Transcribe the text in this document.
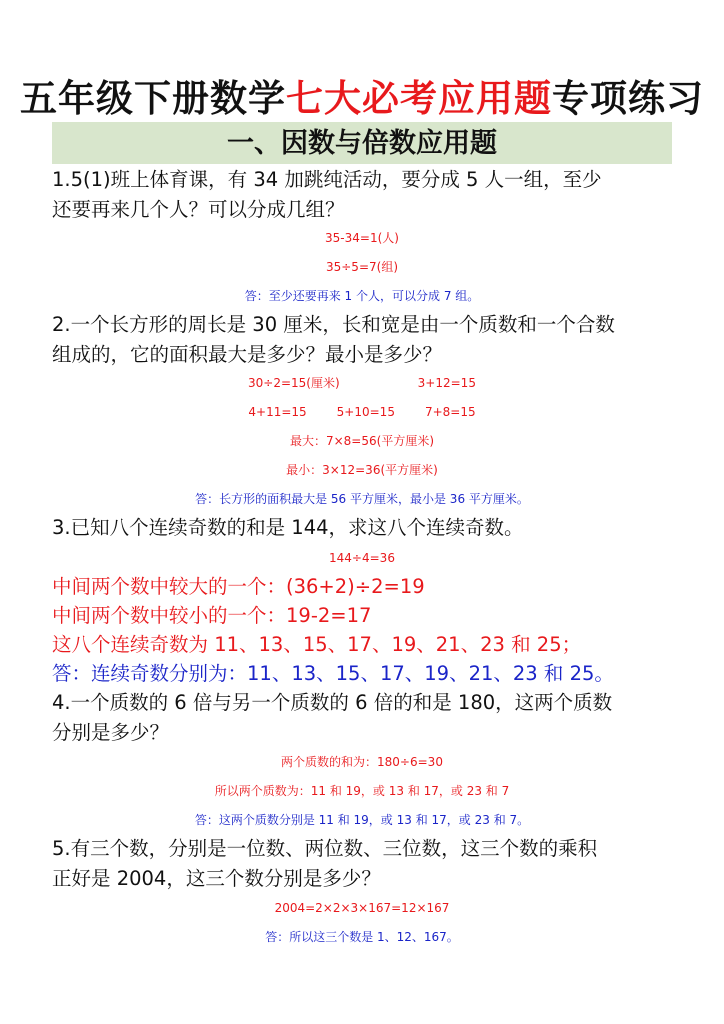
五年级下册数学七大必考应用题专项练习
一、因数与倍数应用题
1.5(1)班上体育课，有 34 加跳纯活动，要分成 5 人一组，至少
还要再来几个人？可以分成几组？
35-34=1(人)
35÷5=7(组)
答：至少还要再来 1 个人，可以分成 7 组。
2.一个长方形的周长是 30 厘米，长和宽是由一个质数和一个合数
组成的，它的面积最大是多少？最小是多少？
30÷2=15(厘米)	3+12=15
4+11=15	5+10=15	7+8=15
最大：7×8=56(平方厘米)
最小：3×12=36(平方厘米)
答：长方形的面积最大是 56 平方厘米，最小是 36 平方厘米。
3.已知八个连续奇数的和是 144，求这八个连续奇数。
144÷4=36
中间两个数中较大的一个：(36+2)÷2=19
中间两个数中较小的一个：19-2=17
这八个连续奇数为 11、13、15、17、19、21、23 和 25；
答：连续奇数分别为：11、13、15、17、19、21、23 和 25。
4.一个质数的 6 倍与另一个质数的 6 倍的和是 180，这两个质数
分别是多少？
两个质数的和为：180÷6=30
所以两个质数为：11 和 19，或 13 和 17，或 23 和 7
答：这两个质数分别是 11 和 19，或 13 和 17，或 23 和 7。
5.有三个数，分别是一位数、两位数、三位数，这三个数的乘积
正好是 2004，这三个数分别是多少？
2004=2×2×3×167=12×167
答：所以这三个数是 1、12、167。
